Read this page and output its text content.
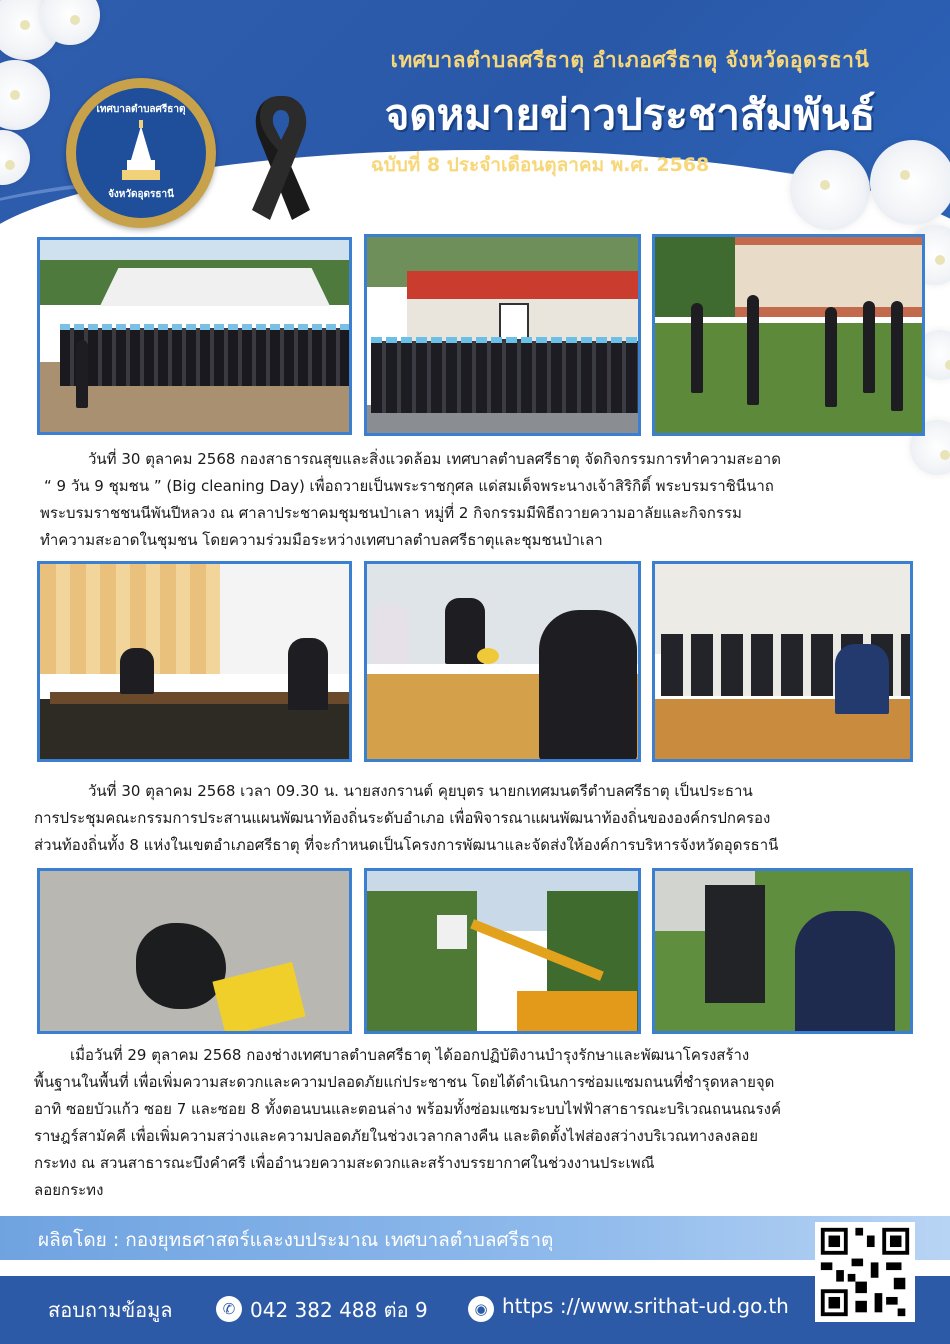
เทศบาลตำบลศรีธาตุ
จังหวัดอุดรธานี
เทศบาลตำบลศรีธาตุ อำเภอศรีธาตุ จังหวัดอุดรธานี
จดหมายข่าวประชาสัมพันธ์
ฉบับที่ 8 ประจำเดือนตุลาคม พ.ศ. 2568

วันที่ 30 ตุลาคม 2568 กองสาธารณสุขและสิ่งแวดล้อม เทศบาลตำบลศรีธาตุ จัดกิจกรรมการทำความสะอาด

“ 9 วัน 9 ชุมชน ” (Big cleaning Day) เพื่อถวายเป็นพระราชกุศล แด่สมเด็จพระนางเจ้าสิริกิติ์ พระบรมราชินีนาถ

พระบรมราชชนนีพันปีหลวง ณ ศาลาประชาคมชุมชนป่าเลา หมู่ที่ 2 กิจกรรมมีพิธีถวายความอาลัยและกิจกรรม

ทำความสะอาดในชุมชน โดยความร่วมมือระหว่างเทศบาลตำบลศรีธาตุและชุมชนป่าเลา

วันที่ 30 ตุลาคม 2568 เวลา 09.30 น. นายสงกรานต์ คุยบุตร นายกเทศมนตรีตำบลศรีธาตุ เป็นประธาน

การประชุมคณะกรรมการประสานแผนพัฒนาท้องถิ่นระดับอำเภอ เพื่อพิจารณาแผนพัฒนาท้องถิ่นขององค์กรปกครอง

ส่วนท้องถิ่นทั้ง 8 แห่งในเขตอำเภอศรีธาตุ ที่จะกำหนดเป็นโครงการพัฒนาและจัดส่งให้องค์การบริหารจังหวัดอุดรธานี

เมื่อวันที่ 29 ตุลาคม 2568 กองช่างเทศบาลตำบลศรีธาตุ ได้ออกปฏิบัติงานบำรุงรักษาและพัฒนาโครงสร้าง

พื้นฐานในพื้นที่ เพื่อเพิ่มความสะดวกและความปลอดภัยแก่ประชาชน โดยได้ดำเนินการซ่อมแซมถนนที่ชำรุดหลายจุด

อาทิ ซอยบัวแก้ว ซอย 7 และซอย 8 ทั้งตอนบนและตอนล่าง พร้อมทั้งซ่อมแซมระบบไฟฟ้าสาธารณะบริเวณถนนณรงค์

ราษฎร์สามัคคี เพื่อเพิ่มความสว่างและความปลอดภัยในช่วงเวลากลางคืน และติดตั้งไฟส่องสว่างบริเวณทางลงลอย

กระทง ณ สวนสาธารณะบึงคำศรี เพื่ออำนวยความสะดวกและสร้างบรรยากาศในช่วงงานประเพณี

ลอยกระทง

ผลิตโดย : กองยุทธศาสตร์และงบประมาณ เทศบาลตำบลศรีธาตุ
สอบถามข้อมูล	✆ 042 382 488 ต่อ 9	◉ https ://www.srithat-ud.go.th
